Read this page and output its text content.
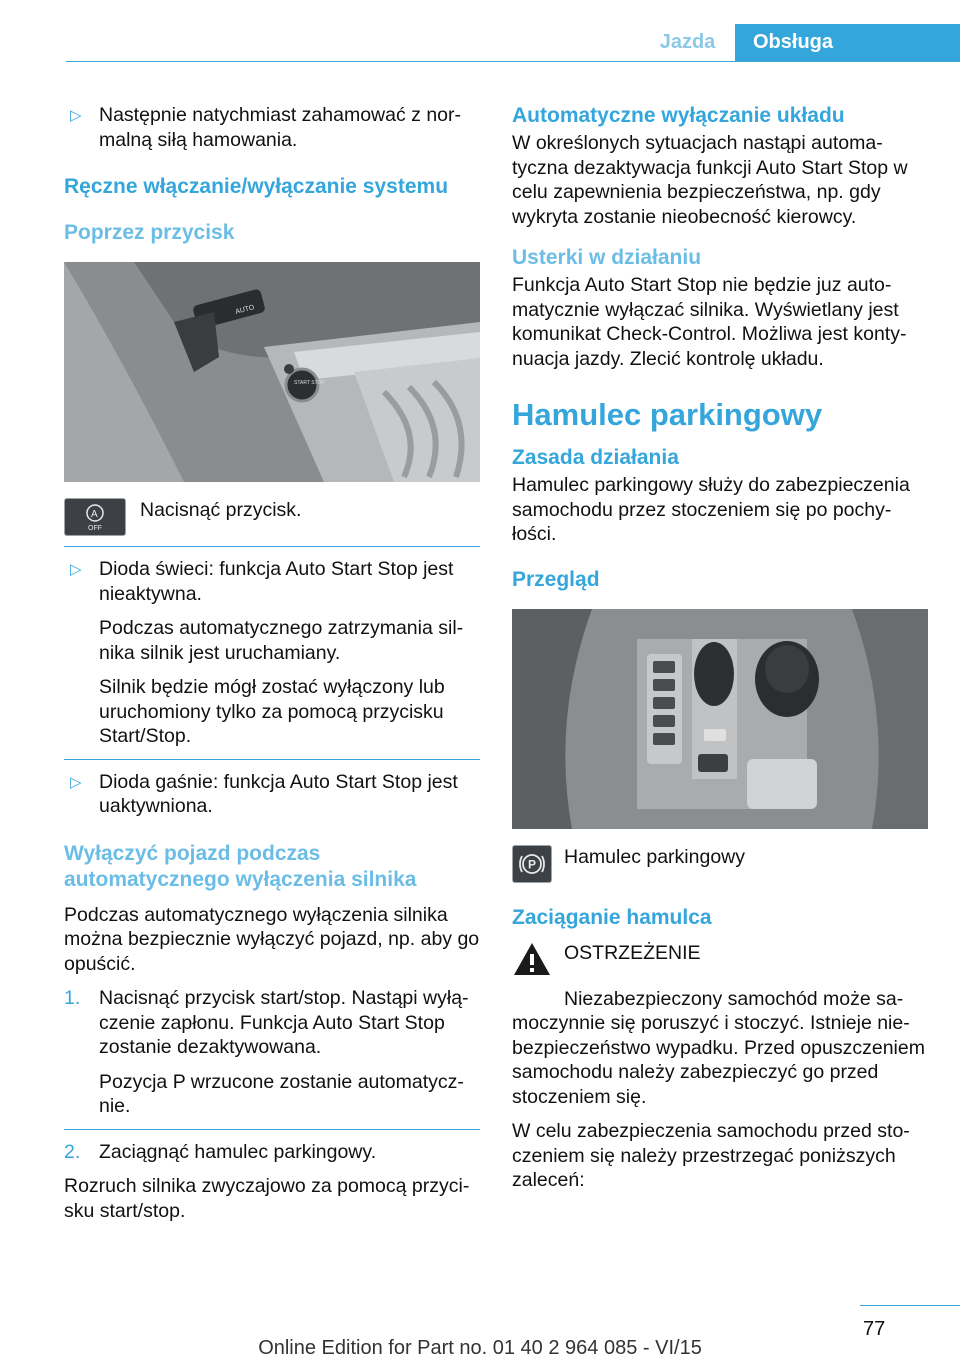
Jazda	Obsługa
▷ Następnie natychmiast zahamować z normalną siłą hamowania.
Ręczne włączanie/wyłączanie systemu
Poprzez przycisk
AUTO
START STOP
A
OFF
Nacisnąć przycisk.
▷ Dioda świeci: funkcja Auto Start Stop jest nieaktywna.
Podczas automatycznego zatrzymania silnika silnik jest uruchamiany.
Silnik będzie mógł zostać wyłączony lub uruchomiony tylko za pomocą przycisku Start/Stop.
▷ Dioda gaśnie: funkcja Auto Start Stop jest uaktywniona.
Wyłączyć pojazd podczas automatycznego wyłączenia silnika
Podczas automatycznego wyłączenia silnika można bezpiecznie wyłączyć pojazd, np. aby go opuścić.
1. Nacisnąć przycisk start/stop. Nastąpi wyłączenie zapłonu. Funkcja Auto Start Stop zostanie dezaktywowana.
Pozycja P wrzucone zostanie automatycznie.
2. Zaciągnąć hamulec parkingowy.
Rozruch silnika zwyczajowo za pomocą przycisku start/stop.
Automatyczne wyłączanie układu
W określonych sytuacjach nastąpi automatyczna dezaktywacja funkcji Auto Start Stop w celu zapewnienia bezpieczeństwa, np. gdy wykryta zostanie nieobecność kierowcy.
Usterki w działaniu
Funkcja Auto Start Stop nie będzie juz automatycznie wyłączać silnika. Wyświetlany jest komunikat Check-Control. Możliwa jest kontynuacja jazdy. Zlecić kontrolę układu.
Hamulec parkingowy
Zasada działania
Hamulec parkingowy służy do zabezpieczenia samochodu przez stoczeniem się po pochyłości.
Przegląd
P Hamulec parkingowy
Zaciąganie hamulca
OSTRZEŻENIE
Niezabezpieczony samochód może samoczynnie się poruszyć i stoczyć. Istnieje niebezpieczeństwo wypadku. Przed opuszczeniem samochodu należy zabezpieczyć go przed stoczeniem się.
W celu zabezpieczenia samochodu przed stoczeniem się należy przestrzegać poniższych zaleceń:
77
Online Edition for Part no. 01 40 2 964 085 - VI/15
